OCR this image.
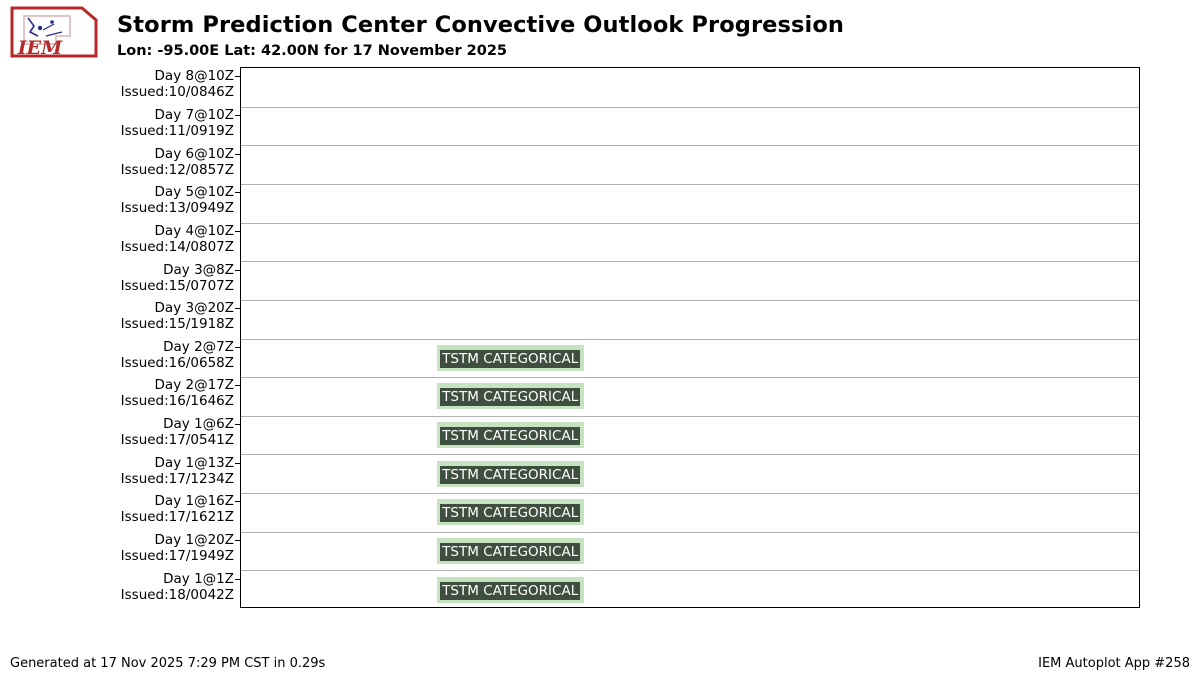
IEM
Storm Prediction Center Convective Outlook Progression
Lon: -95.00E Lat: 42.00N for 17 November 2025
TSTM CATEGORICAL
TSTM CATEGORICAL
TSTM CATEGORICAL
TSTM CATEGORICAL
TSTM CATEGORICAL
TSTM CATEGORICAL
TSTM CATEGORICAL
Day 8@10Z
Issued:10/0846Z
Day 7@10Z
Issued:11/0919Z
Day 6@10Z
Issued:12/0857Z
Day 5@10Z
Issued:13/0949Z
Day 4@10Z
Issued:14/0807Z
Day 3@8Z
Issued:15/0707Z
Day 3@20Z
Issued:15/1918Z
Day 2@7Z
Issued:16/0658Z
Day 2@17Z
Issued:16/1646Z
Day 1@6Z
Issued:17/0541Z
Day 1@13Z
Issued:17/1234Z
Day 1@16Z
Issued:17/1621Z
Day 1@20Z
Issued:17/1949Z
Day 1@1Z
Issued:18/0042Z
Generated at 17 Nov 2025 7:29 PM CST in 0.29s	IEM Autoplot App #258
